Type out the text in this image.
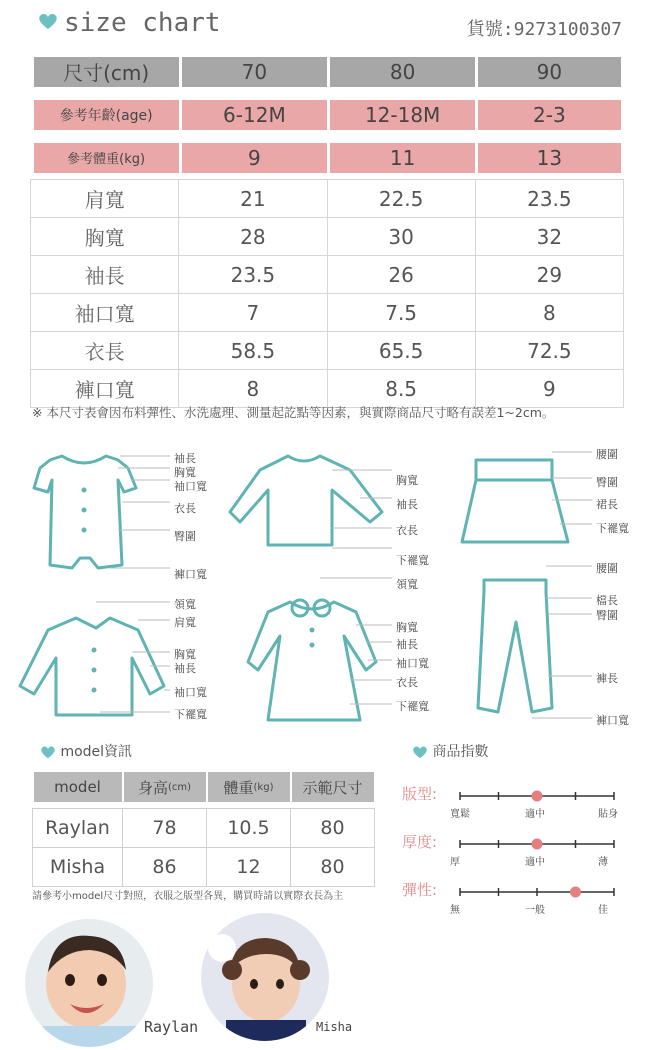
size chart	貨號:9273100307
尺寸(cm)	70	80	90

參考年齡(age)	6-12M	12-18M	2-3

參考體重(kg)	9	11	13

肩寬	21	22.5	23.5
胸寬	28	30	32
袖長	23.5	26	29
袖口寬	7	7.5	8
衣長	58.5	65.5	72.5
褲口寬	8	8.5	9
※ 本尺寸表會因布料彈性、水洗處理、測量起訖點等因素，與實際商品尺寸略有誤差1~2cm。
袖長
胸寬
袖口寬
衣長
臀圍
褲口寬
胸寬
袖長
衣長
下襬寬
領寬
腰圍
臀圍
裙長
下襬寬
領寬
肩寬
胸寬
袖長
袖口寬
下襬寬
胸寬
袖長
袖口寬
衣長
下襬寬
腰圍
檔長
臀圍
褲長
褲口寬
model資訊
model	身高 (cm)	體重 (kg)	示範尺寸

Raylan	78	10.5	80
Misha	86	12	80
請參考小model尺寸對照，衣服之版型各異，購買時請以實際衣長為主
商品指數
版型:
寬鬆	適中	貼身
厚度:
厚	適中	薄
彈性:
無	一般	佳
Raylan	Misha
